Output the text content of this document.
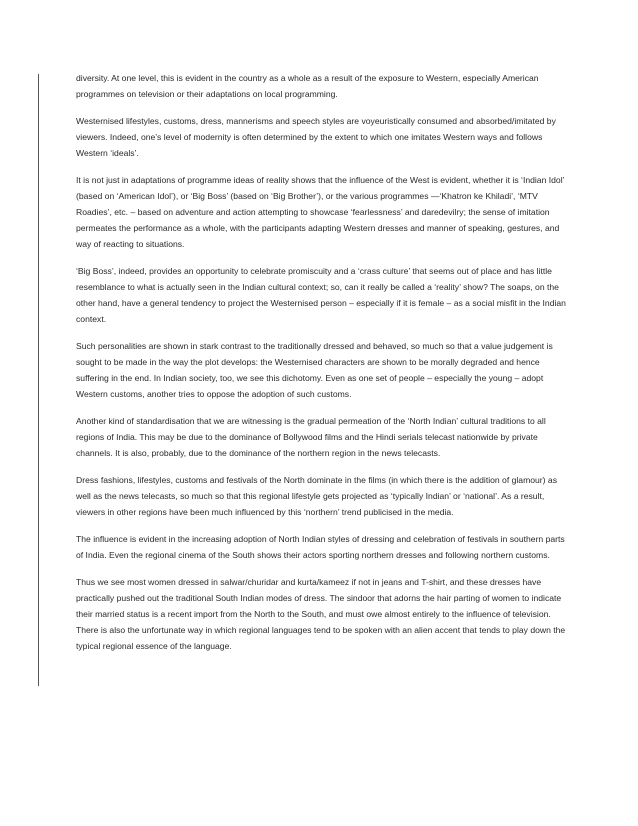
diversity. At one level, this is evident in the country as a whole as a result of the exposure to Western, especially American programmes on television or their adaptations on local programming.

Westernised lifestyles, customs, dress, mannerisms and speech styles are voyeuristically consumed and absorbed/imitated by viewers. Indeed, one’s level of modernity is often determined by the extent to which one imitates Western ways and follows Western ‘ideals’.

It is not just in adaptations of programme ideas of reality shows that the influence of the West is evident, whether it is ‘Indian Idol’ (based on ‘American Idol’), or ‘Big Boss’ (based on ‘Big Brother’), or the various programmes —‘Khatron ke Khiladi’, ‘MTV Roadies’, etc. – based on adventure and action attempting to showcase ‘fearlessness’ and daredevilry; the sense of imitation permeates the performance as a whole, with the participants adapting Western dresses and manner of speaking, gestures, and way of reacting to situations.

‘Big Boss’, indeed, provides an opportunity to celebrate promiscuity and a ‘crass culture’ that seems out of place and has little resemblance to what is actually seen in the Indian cultural context; so, can it really be called a ‘reality’ show? The soaps, on the other hand, have a general tendency to project the Westernised person – especially if it is female – as a social misfit in the Indian context.

Such personalities are shown in stark contrast to the traditionally dressed and behaved, so much so that a value judgement is sought to be made in the way the plot develops: the Westernised characters are shown to be morally degraded and hence suffering in the end. In Indian society, too, we see this dichotomy. Even as one set of people – especially the young – adopt Western customs, another tries to oppose the adoption of such customs.

Another kind of standardisation that we are witnessing is the gradual permeation of the ‘North Indian’ cultural traditions to all regions of India. This may be due to the dominance of Bollywood films and the Hindi serials telecast nationwide by private channels. It is also, probably, due to the dominance of the northern region in the news telecasts.

Dress fashions, lifestyles, customs and festivals of the North dominate in the films (in which there is the addition of glamour) as well as the news telecasts, so much so that this regional lifestyle gets projected as ‘typically Indian’ or ‘national’. As a result, viewers in other regions have been much influenced by this ‘northern’ trend publicised in the media.

The influence is evident in the increasing adoption of North Indian styles of dressing and celebration of festivals in southern parts of India. Even the regional cinema of the South shows their actors sporting northern dresses and following northern customs.

Thus we see most women dressed in salwar/churidar and kurta/kameez if not in jeans and T-shirt, and these dresses have practically pushed out the traditional South Indian modes of dress. The sindoor that adorns the hair parting of women to indicate their married status is a recent import from the North to the South, and must owe almost entirely to the influence of television. There is also the unfortunate way in which regional languages tend to be spoken with an alien accent that tends to play down the typical regional essence of the language.
